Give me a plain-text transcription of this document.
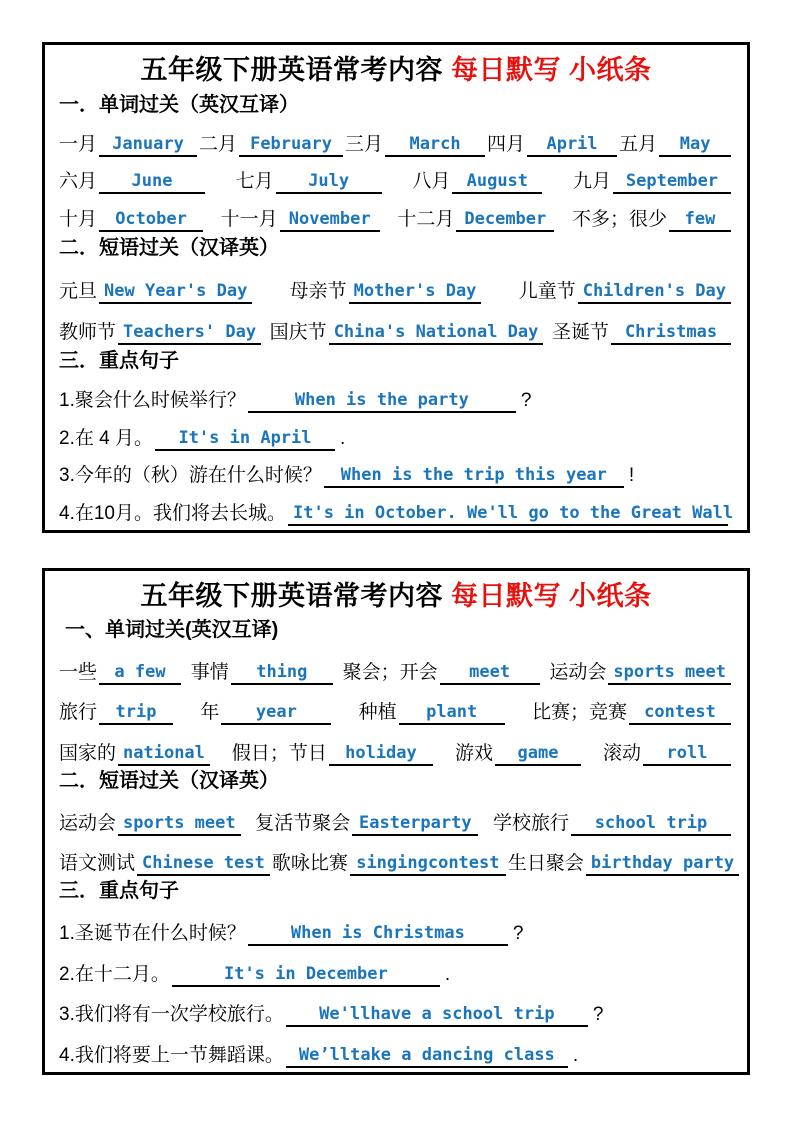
五年级下册英语常考内容 每日默写 小纸条
一．单词过关（英汉互译）
一月 January 二月 February 三月	March	四月	April	五月	May
六月	June	七月	July	八月 August	九月 September
十月	October	十一月 November	十二月 December	不多；很少	few
二．短语过关（汉译英）
元旦 New Year's Day 母亲节 Mother's Day 儿童节 Children's Day
教师节 Teachers' Day 国庆节 China's National Day 圣诞节 Christmas
三．重点句子
1.聚会什么时候举行？	When is the party	?
2.在 4 月。	It's in April	.
3.今年的（秋）游在什么时候？	When is the trip this year	!
4.在10月。我们将去长城。 It's in October. We'll go to the Great Wall
五年级下册英语常考内容 每日默写 小纸条
一、单词过关(英汉互译)
一些	a few	事情	thing	聚会；开会	meet	运动会 sports meet
旅行	trip	年	year	种植	plant	比赛；竞赛	contest
国家的 national 假日；节日	holiday	游戏	game	滚动	roll
二．短语过关（汉译英）
运动会 sports meet 复活节聚会 Easterparty	学校旅行	school trip
语文测试 Chinese test 歌咏比赛 singingcontest 生日聚会 birthday party
三．重点句子
1.圣诞节在什么时候？	When is Christmas	?
2.在十二月。	It's in December	.
3.我们将有一次学校旅行。	We'llhave a school trip	?
4.我们将要上一节舞蹈课。 We’lltake a dancing class .
